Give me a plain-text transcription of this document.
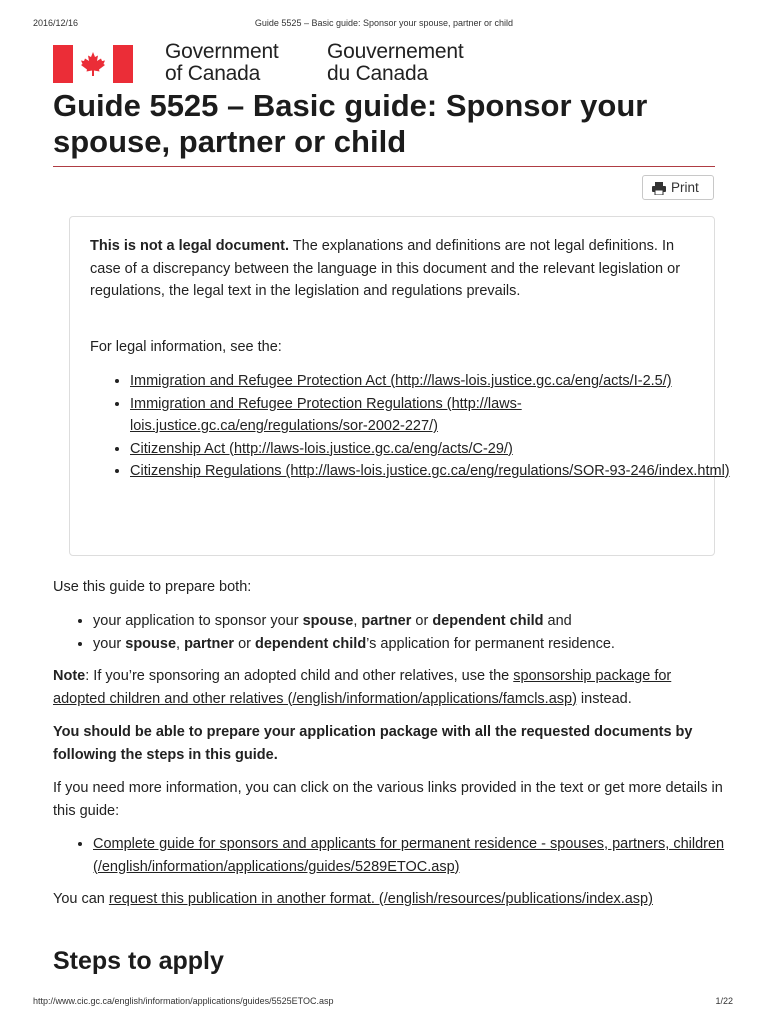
2016/12/16	Guide 5525 – Basic guide: Sponsor your spouse, partner or child
Government
of Canada
Gouvernement
du Canada
Guide 5525 – Basic guide: Sponsor your spouse, partner or child
Print

This is not a legal document. The explanations and definitions are not legal definitions. In case of a discrepancy between the language in this document and the relevant legislation or regulations, the legal text in the legislation and regulations prevails.

For legal information, see the:

• Immigration and Refugee Protection Act (http://laws-lois.justice.gc.ca/eng/acts/I-2.5/)
• Immigration and Refugee Protection Regulations (http://laws-lois.justice.gc.ca/eng/regulations/sor-2002-227/)
• Citizenship Act (http://laws-lois.justice.gc.ca/eng/acts/C-29/)
• Citizenship Regulations (http://laws-lois.justice.gc.ca/eng/regulations/SOR-93-246/index.html)

Use this guide to prepare both:

• your application to sponsor your spouse, partner or dependent child and
• your spouse, partner or dependent child’s application for permanent residence.

Note: If you’re sponsoring an adopted child and other relatives, use the sponsorship package for adopted children and other relatives (/english/information/applications/famcls.asp) instead.

You should be able to prepare your application package with all the requested documents by following the steps in this guide.

If you need more information, you can click on the various links provided in the text or get more details in this guide:

• Complete guide for sponsors and applicants for permanent residence - spouses, partners, children (/english/information/applications/guides/5289ETOC.asp)

You can request this publication in another format. (/english/resources/publications/index.asp)

Steps to apply
http://www.cic.gc.ca/english/information/applications/guides/5525ETOC.asp	1/22
